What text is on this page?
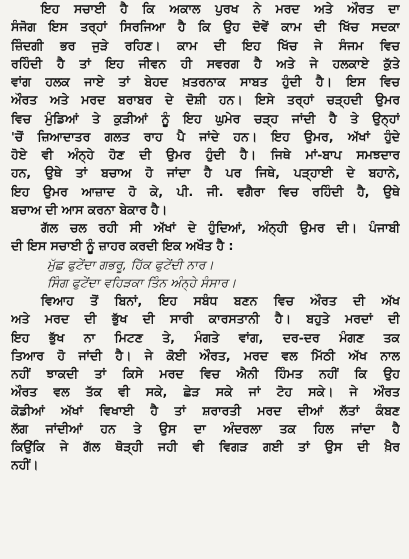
ਇਹ ਸਚਾਈ ਹੈ ਕਿ ਅਕਾਲ ਪੁਰਖ ਨੇ ਮਰਦ ਅਤੇ ਔਰਤ ਦਾ
ਸੰਜੋਗ ਇਸ ਤਰ੍ਹਾਂ ਸਿਰਜਿਆ ਹੈ ਕਿ ਉਹ ਦੋਵੇਂ ਕਾਮ ਦੀ ਖਿੱਚ ਸਦਕਾ
ਜ਼ਿੰਦਗੀ ਭਰ ਜੁੜੇ ਰਹਿਣ। ਕਾਮ ਦੀ ਇਹ ਖਿੱਚ ਜੇ ਸੰਜਮ ਵਿਚ
ਰਹਿੰਦੀ ਹੈ ਤਾਂ ਇਹ ਜੀਵਨ ਹੀ ਸਵਰਗ ਹੈ ਅਤੇ ਜੇ ਹਲਕਾਏ ਕੁੱਤੇ
ਵਾਂਗ ਹਲਕ ਜਾਏ ਤਾਂ ਬੇਹਦ ਖ਼ਤਰਨਾਕ ਸਾਬਤ ਹੁੰਦੀ ਹੈ। ਇਸ ਵਿਚ
ਔਰਤ ਅਤੇ ਮਰਦ ਬਰਾਬਰ ਦੇ ਦੋਸ਼ੀ ਹਨ। ਇਸੇ ਤਰ੍ਹਾਂ ਚੜ੍ਹਦੀ ਉਮਰ
ਵਿਚ ਮੁੰਡਿਆਂ ਤੇ ਕੁੜੀਆਂ ਨੂੰ ਇਹ ਘੁਮੇਰ ਚੜ੍ਹ ਜਾਂਦੀ ਹੈ ਤੇ ਉਨ੍ਹਾਂ
'ਚੋਂ ਜ਼ਿਆਦਾਤਰ ਗਲਤ ਰਾਹ ਪੈ ਜਾਂਦੇ ਹਨ। ਇਹ ਉਮਰ, ਅੱਖਾਂ ਹੁੰਦੇ
ਹੋਏ ਵੀ ਅੰਨ੍ਹੇ ਹੋਣ ਦੀ ਉਮਰ ਹੁੰਦੀ ਹੈ। ਜਿਥੇ ਮਾਂ-ਬਾਪ ਸਮਝਦਾਰ
ਹਨ, ਉਥੇ ਤਾਂ ਬਚਾਅ ਹੋ ਜਾਂਦਾ ਹੈ ਪਰ ਜਿਥੇ, ਪੜ੍ਹਾਈ ਦੇ ਬਹਾਨੇ,
ਇਹ ਉਮਰ ਆਜ਼ਾਦ ਹੋ ਕੇ, ਪੀ. ਜੀ. ਵਗੈਰਾ ਵਿਚ ਰਹਿੰਦੀ ਹੈ, ਉਥੇ
ਬਚਾਅ ਦੀ ਆਸ ਕਰਨਾ ਬੇਕਾਰ ਹੈ।
ਗੱਲ ਚਲ ਰਹੀ ਸੀ ਅੱਖਾਂ ਦੇ ਹੁੰਦਿਆਂ, ਅੰਨ੍ਹੀ ਉਮਰ ਦੀ। ਪੰਜਾਬੀ
ਦੀ ਇਸ ਸਚਾਈ ਨੂੰ ਜ਼ਾਹਰ ਕਰਦੀ ਇਕ ਅਖੌਤ ਹੈ :
ਮੁੱਛ ਫੁਟੇਂਦਾ ਗਭਰੂ, ਹਿੱਕ ਫੁਟੇਂਦੀ ਨਾਰ।
ਸਿੰਗ ਫੁਟੇਂਦਾ ਵਹਿੜਕਾ ਤਿੰਨ ਅੰਨ੍ਹੇ ਸੰਸਾਰ।
ਵਿਆਹ ਤੋਂ ਬਿਨਾਂ, ਇਹ ਸਬੰਧ ਬਣਨ ਵਿਚ ਔਰਤ ਦੀ ਅੱਖ
ਅਤੇ ਮਰਦ ਦੀ ਭੁੱਖ ਦੀ ਸਾਰੀ ਕਾਰਸਤਾਨੀ ਹੈ। ਬਹੁਤੇ ਮਰਦਾਂ ਦੀ
ਇਹ ਭੁੱਖ ਨਾ ਮਿਟਣ ਤੇ, ਮੰਗਤੇ ਵਾਂਗ, ਦਰ-ਦਰ ਮੰਗਣ ਤਕ
ਤਿਆਰ ਹੋ ਜਾਂਦੀ ਹੈ। ਜੇ ਕੋਈ ਔਰਤ, ਮਰਦ ਵਲ ਮਿੱਠੀ ਅੱਖ ਨਾਲ
ਨਹੀਂ ਝਾਕਦੀ ਤਾਂ ਕਿਸੇ ਮਰਦ ਵਿਚ ਐਨੀ ਹਿੰਮਤ ਨਹੀਂ ਕਿ ਉਹ
ਔਰਤ ਵਲ ਤੱਕ ਵੀ ਸਕੇ, ਛੇੜ ਸਕੇ ਜਾਂ ਟੋਹ ਸਕੇ। ਜੇ ਔਰਤ
ਕੋਡੀਆਂ ਅੱਖਾਂ ਵਿਖਾਈ ਹੈ ਤਾਂ ਸ਼ਰਾਰਤੀ ਮਰਦ ਦੀਆਂ ਲੱਤਾਂ ਕੰਬਣ
ਲੱਗ ਜਾਂਦੀਆਂ ਹਨ ਤੇ ਉਸ ਦਾ ਅੰਦਰਲਾ ਤਕ ਹਿਲ ਜਾਂਦਾ ਹੈ
ਕਿਉਂਕਿ ਜੇ ਗੱਲ ਥੋੜ੍ਹੀ ਜਹੀ ਵੀ ਵਿਗੜ ਗਈ ਤਾਂ ਉਸ ਦੀ ਖ਼ੈਰ
ਨਹੀਂ।
